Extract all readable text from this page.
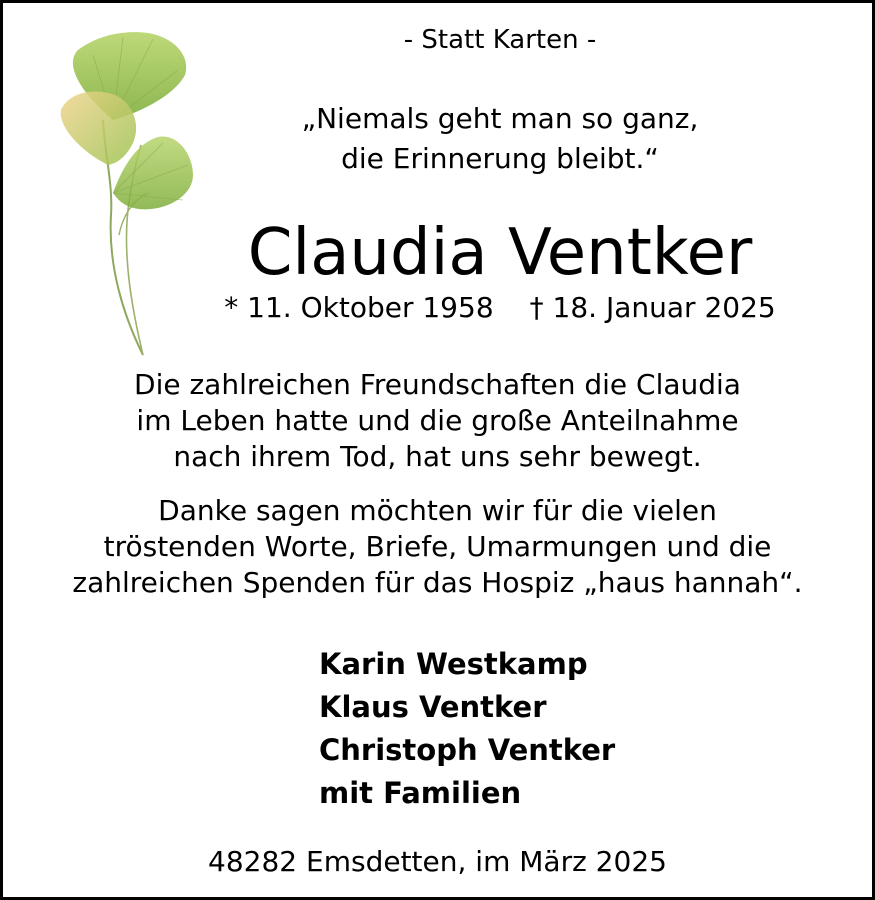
- Statt Karten -
„Niemals geht man so ganz,
die Erinnerung bleibt.“
Claudia Ventker
* 11. Oktober 1958 † 18. Januar 2025
Die zahlreichen Freundschaften die Claudia
im Leben hatte und die große Anteilnahme
nach ihrem Tod, hat uns sehr bewegt.
Danke sagen möchten wir für die vielen
tröstenden Worte, Briefe, Umarmungen und die
zahlreichen Spenden für das Hospiz „haus hannah“.
Karin Westkamp
Klaus Ventker
Christoph Ventker
mit Familien
48282 Emsdetten, im März 2025
